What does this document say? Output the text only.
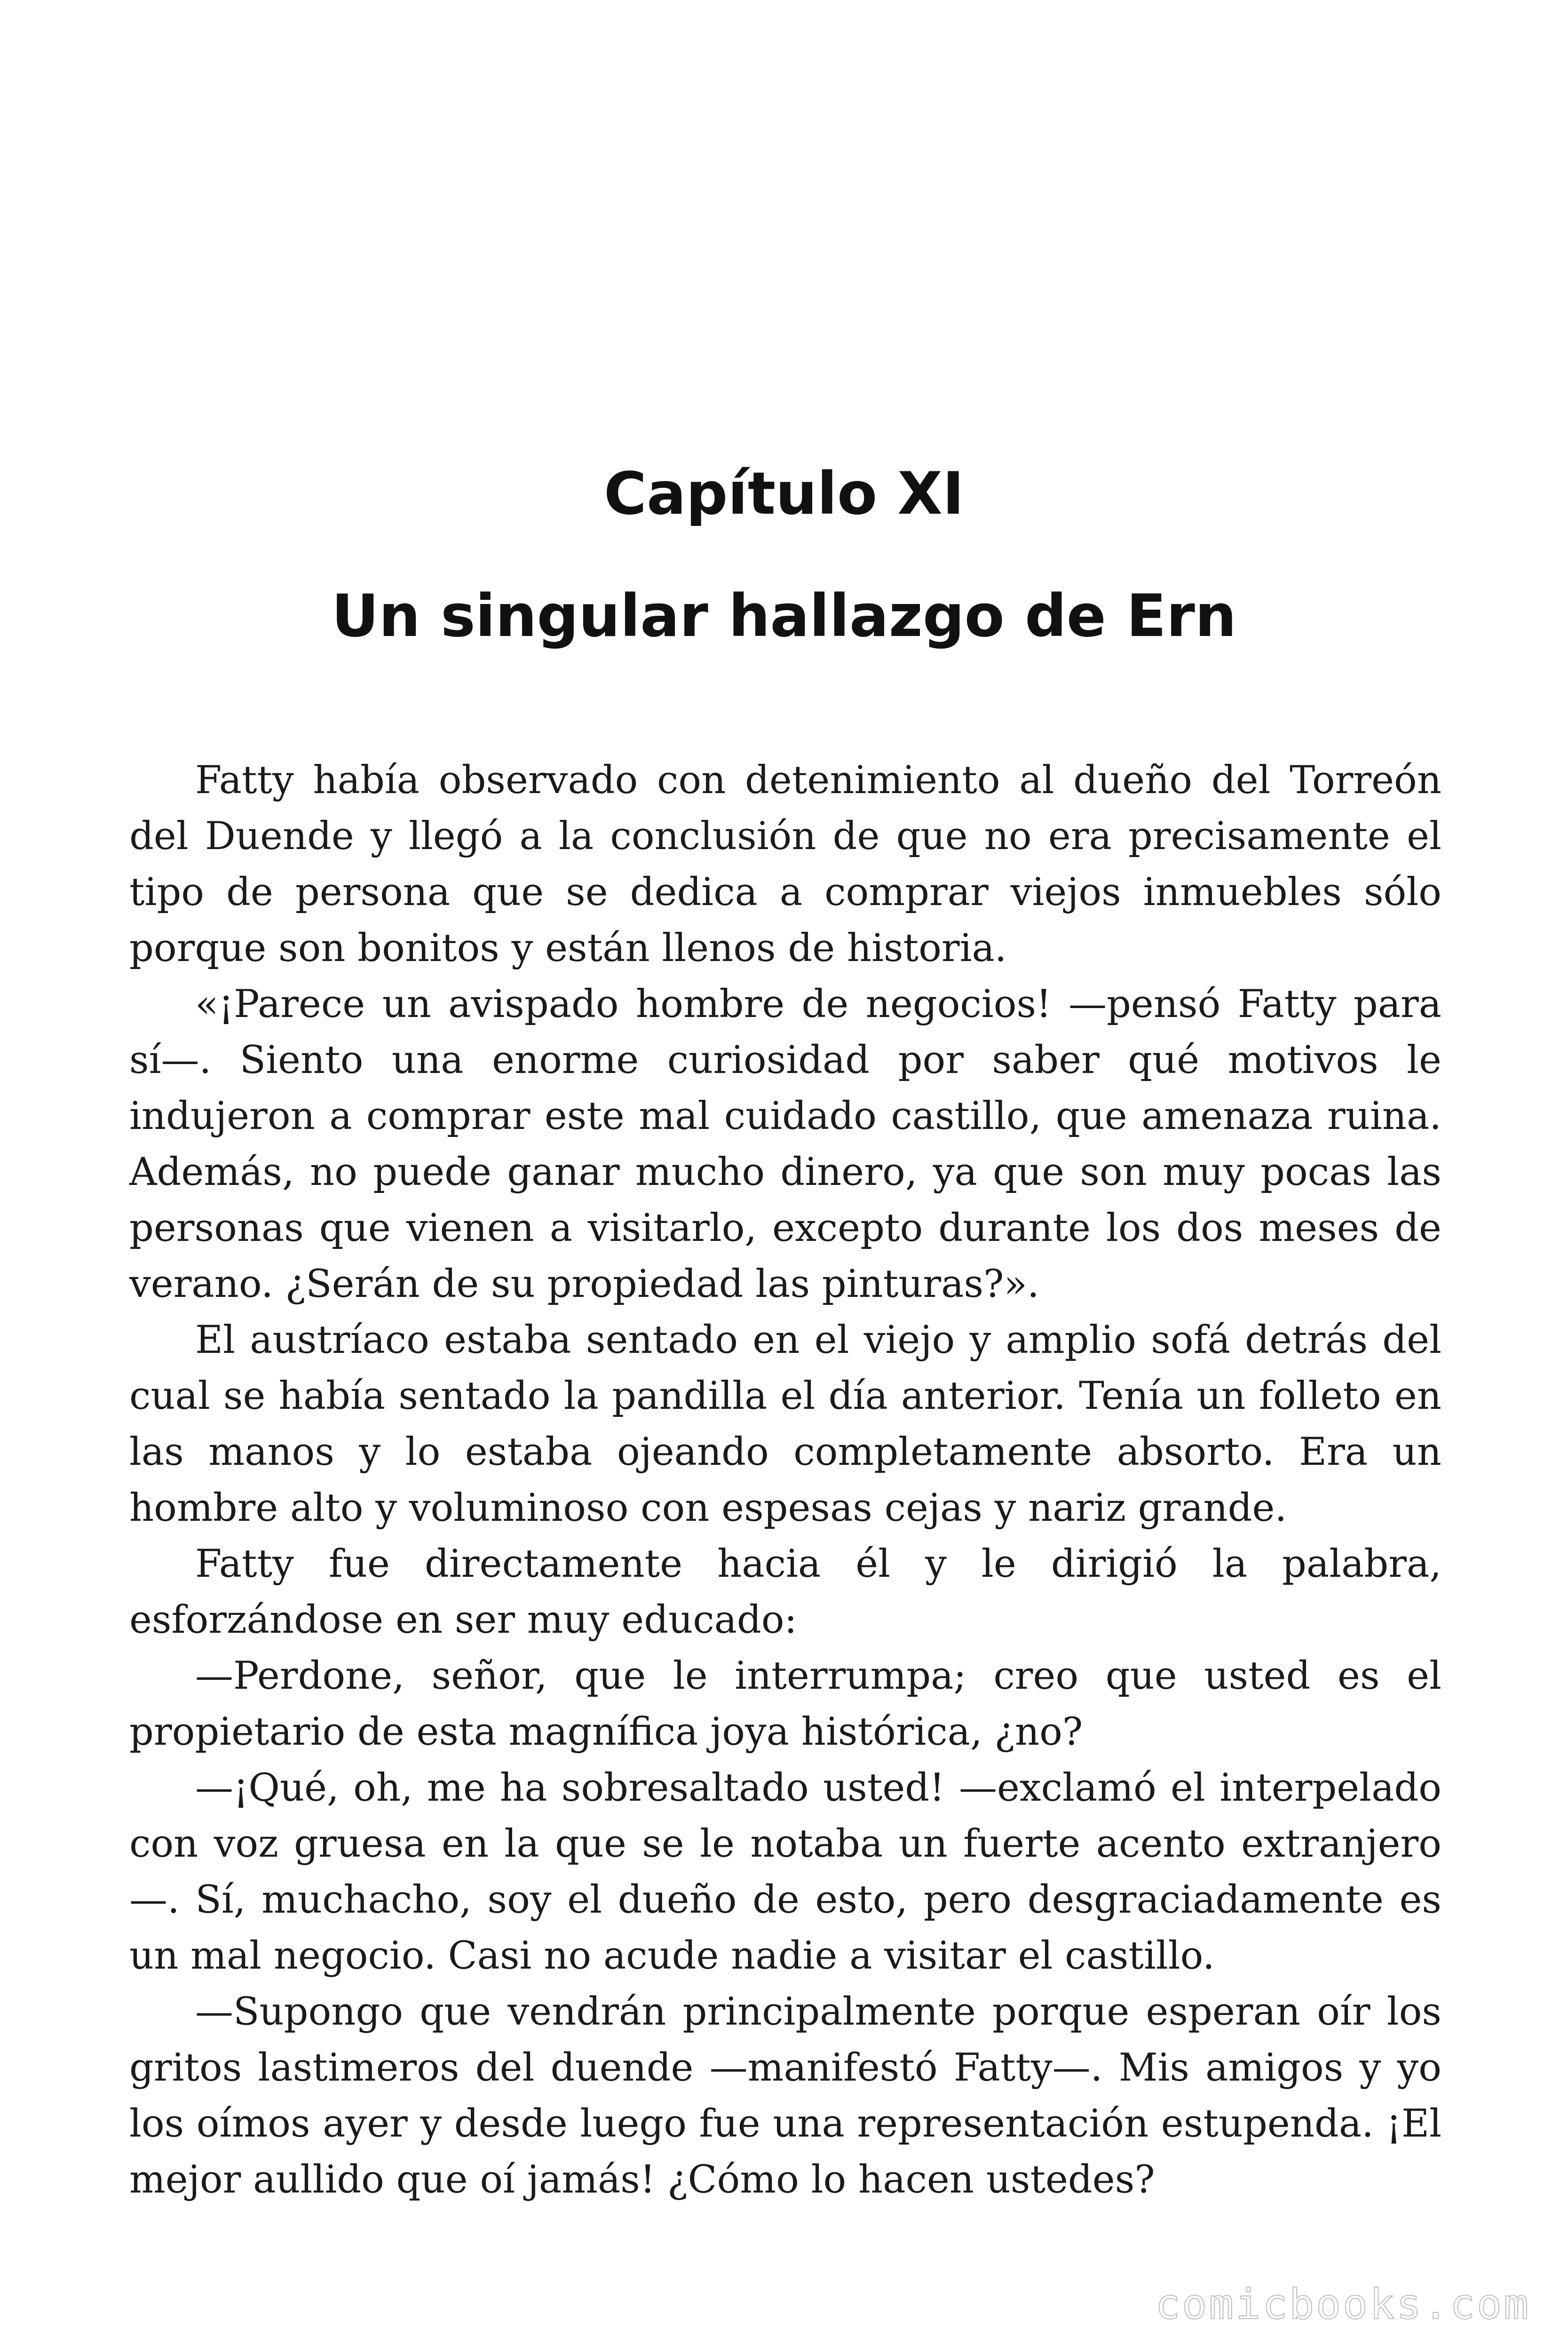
Capítulo XI
Un singular hallazgo de Ern

Fatty había observado con detenimiento al dueño del Torreón del Duende y llegó a la conclusión de que no era precisamente el tipo de persona que se dedica a comprar viejos inmuebles sólo porque son bonitos y están llenos de historia.

«¡Parece un avispado hombre de negocios! —pensó Fatty para sí—. Siento una enorme curiosidad por saber qué motivos le indujeron a comprar este mal cuidado castillo, que amenaza ruina. Además, no puede ganar mucho dinero, ya que son muy pocas las personas que vienen a visitarlo, excepto durante los dos meses de verano. ¿Serán de su propiedad las pinturas?».

El austríaco estaba sentado en el viejo y amplio sofá detrás del cual se había sentado la pandilla el día anterior. Tenía un folleto en las manos y lo estaba ojeando completamente absorto. Era un hombre alto y voluminoso con espesas cejas y nariz grande.

Fatty fue directamente hacia él y le dirigió la palabra, esforzándose en ser muy educado:

—Perdone, señor, que le interrumpa; creo que usted es el propietario de esta magnífica joya histórica, ¿no?

—¡Qué, oh, me ha sobresaltado usted! —exclamó el interpelado con voz gruesa en la que se le notaba un fuerte acento extranjero—. Sí, muchacho, soy el dueño de esto, pero desgraciadamente es un mal negocio. Casi no acude nadie a visitar el castillo.

—Supongo que vendrán principalmente porque esperan oír los gritos lastimeros del duende —manifestó Fatty—. Mis amigos y yo los oímos ayer y desde luego fue una representación estupenda. ¡El mejor aullido que oí jamás! ¿Cómo lo hacen ustedes?

comicbooks.com
